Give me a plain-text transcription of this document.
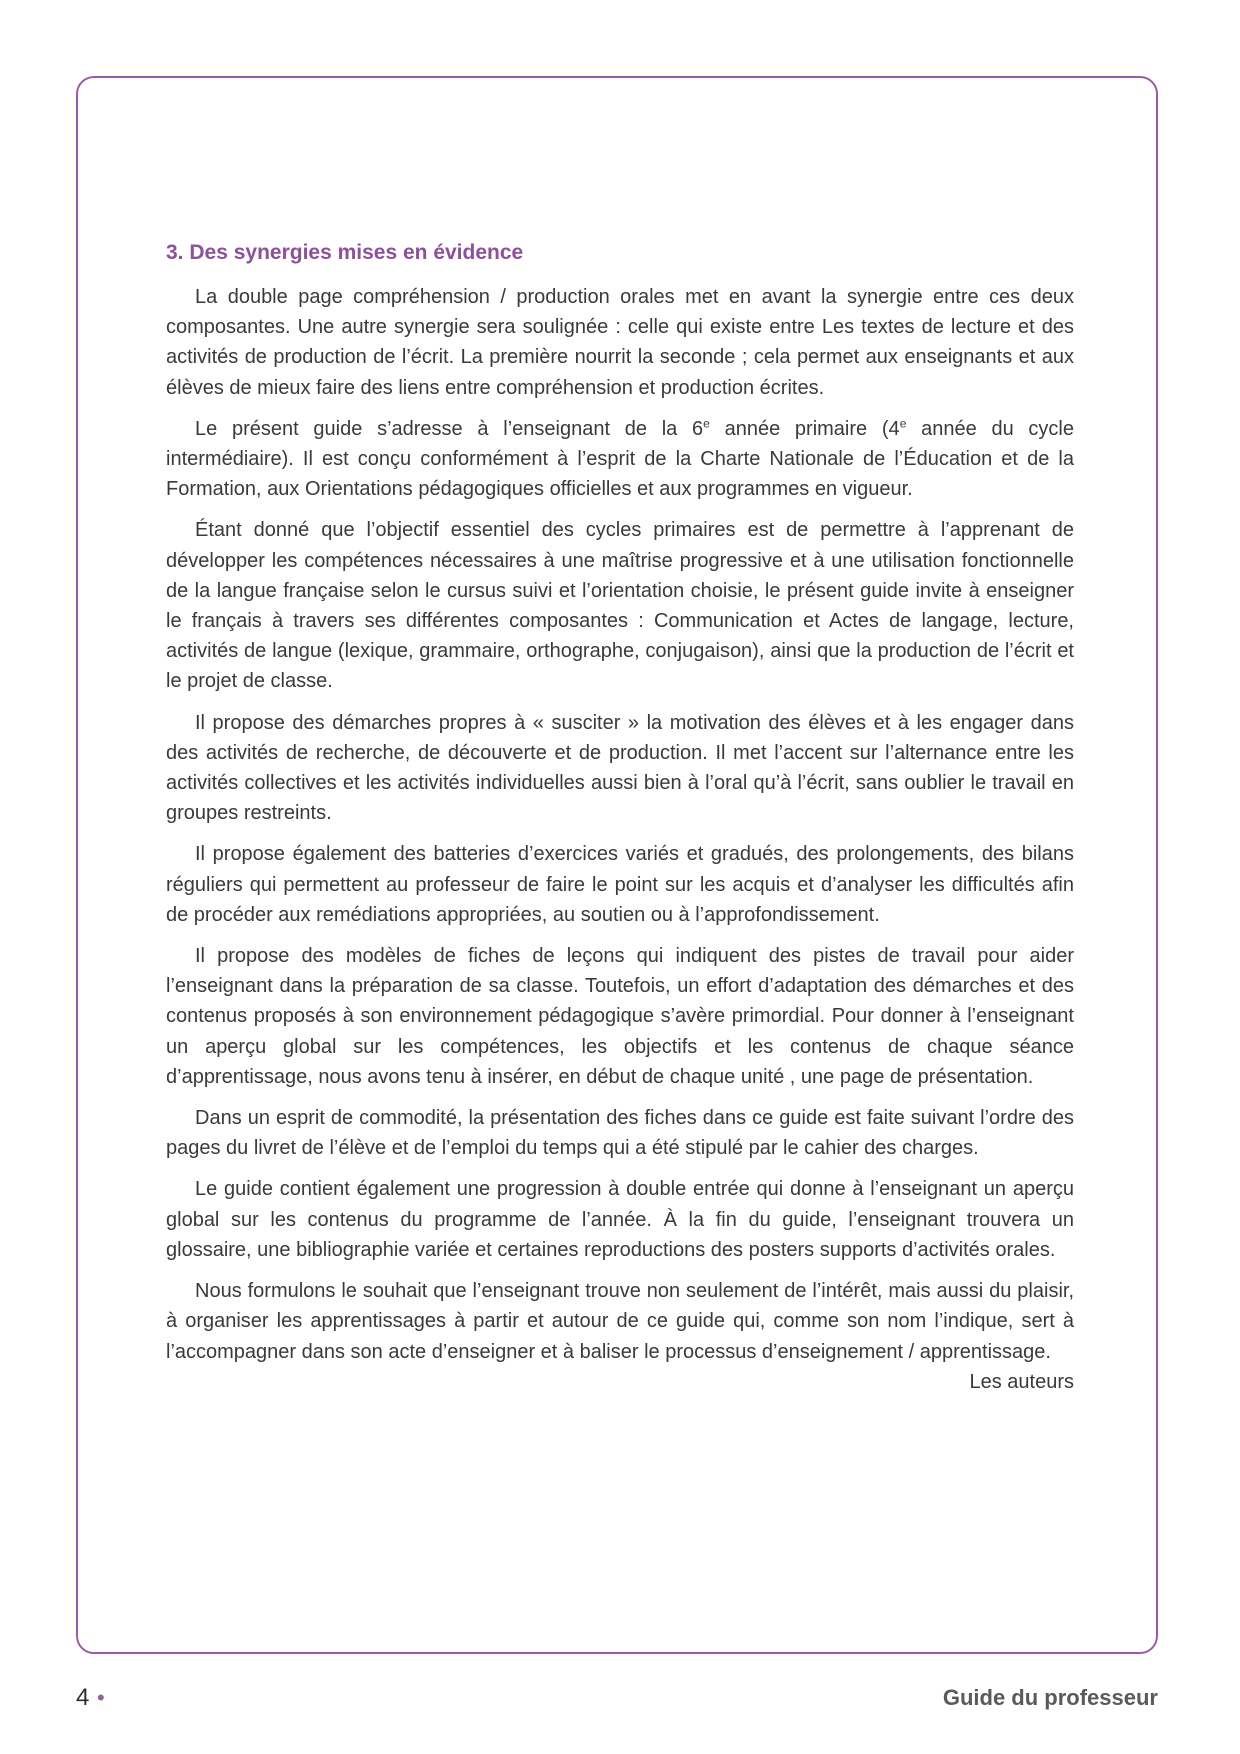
3. Des synergies mises en évidence

La double page compréhension / production orales met en avant la synergie entre ces deux composantes. Une autre synergie sera soulignée : celle qui existe entre Les textes de lecture et des activités de production de l’écrit. La première nourrit la seconde ; cela permet aux enseignants et aux élèves de mieux faire des liens entre compréhension et production écrites.

Le présent guide s’adresse à l’enseignant de la 6e année primaire (4e année du cycle intermédiaire). Il est conçu conformément à l’esprit de la Charte Nationale de l’Éducation et de la Formation, aux Orientations pédagogiques officielles et aux programmes en vigueur.

Étant donné que l’objectif essentiel des cycles primaires est de permettre à l’apprenant de développer les compétences nécessaires à une maîtrise progressive et à une utilisation fonctionnelle de la langue française selon le cursus suivi et l’orientation choisie, le présent guide invite à enseigner le français à travers ses différentes composantes : Communication et Actes de langage, lecture, activités de langue (lexique, grammaire, orthographe, conjugaison), ainsi que la production de l’écrit et le projet de classe.

Il propose des démarches propres à « susciter » la motivation des élèves et à les engager dans des activités de recherche, de découverte et de production. Il met l’accent sur l’alternance entre les activités collectives et les activités individuelles aussi bien à l’oral qu’à l’écrit, sans oublier le travail en groupes restreints.

Il propose également des batteries d’exercices variés et gradués, des prolongements, des bilans réguliers qui permettent au professeur de faire le point sur les acquis et d’analyser les difficultés afin de procéder aux remédiations appropriées, au soutien ou à l’approfondissement.

Il propose des modèles de fiches de leçons qui indiquent des pistes de travail pour aider l’enseignant dans la préparation de sa classe. Toutefois, un effort d’adaptation des démarches et des contenus proposés à son environnement pédagogique s’avère primordial. Pour donner à l’enseignant un aperçu global sur les compétences, les objectifs et les contenus de chaque séance d’apprentissage, nous avons tenu à insérer, en début de chaque unité , une page de présentation.

Dans un esprit de commodité, la présentation des fiches dans ce guide est faite suivant l’ordre des pages du livret de l’élève et de l’emploi du temps qui a été stipulé par le cahier des charges.

Le guide contient également une progression à double entrée qui donne à l’enseignant un aperçu global sur les contenus du programme de l’année. À la fin du guide, l’enseignant trouvera un glossaire, une bibliographie variée et certaines reproductions des posters supports d’activités orales.

Nous formulons le souhait que l’enseignant trouve non seulement de l’intérêt, mais aussi du plaisir, à organiser les apprentissages à partir et autour de ce guide qui, comme son nom l’indique, sert à l’accompagner dans son acte d’enseigner et à baliser le processus d’enseignement / apprentissage.

Les auteurs

4 •	Guide du professeur
